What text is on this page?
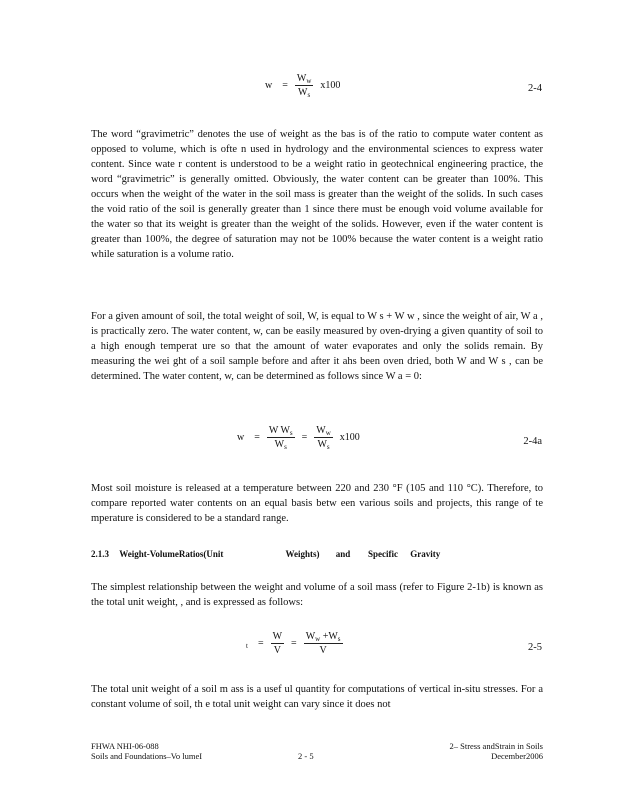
$w = \frac{W_w}{W_s} x100$	2-4
The word “gravimetric” denotes the use of weight as the bas is of the ratio to compute water content as opposed to volume, which is ofte n used in hydrology and the environmental sciences to express water content. Since wate r content is understood to be a weight ratio in geotechnical engineering practice, the word “gravimetric” is generally omitted. Obviously, the water content can be greater than 100%. This occurs when the weight of the water in the soil mass is greater than the weight of the solids. In such cases the void ratio of the soil is generally greater than 1 since there must be enough void volume available for the water so that its weight is greater than the weight of the solids. However, even if the water content is greater than 100%, the degree of saturation may not be 100% because the water content is a weight ratio while saturation is a volume ratio.
For a given amount of soil, the total weight of soil, W, is equal to W s + W w , since the weight of air, W a , is practically zero. The water content, w, can be easily measured by oven-drying a given quantity of soil to a high enough temperat ure so that the amount of water evaporates and only the solids remain. By measuring the wei ght of a soil sample before and after it ahs been oven dried, both W and W s , can be determined. The water content, w, can be determined as follows since W a = 0:
$w = \frac{W W_s}{W_s} = \frac{W_w}{W_s} x100$	2-4a
Most soil moisture is released at a temperature between 220 and 230 °F (105 and 110 °C). Therefore, to compare reported water contents on an equal basis betw een various soils and projects, this range of te mperature is considered to be a standard range.
2.1.3 Weight-VolumeRatios(Unit	Weights) and Specific Gravity
The simplest relationship between the weight and volume of a soil mass (refer to Figure 2-1b) is known as the total unit weight, , and is expressed as follows:
$_t = \frac{W}{V} = \frac{W_w +W_s}{V}$	2-5
The total unit weight of a soil m ass is a usef ul quantity for computations of vertical in-situ stresses. For a constant volume of soil, th e total unit weight can vary since it does not
FHWA NHI-06-088
Soils and Foundations–Vo lumeI	2 - 5
2– Stress andStrain in Soils
December2006
